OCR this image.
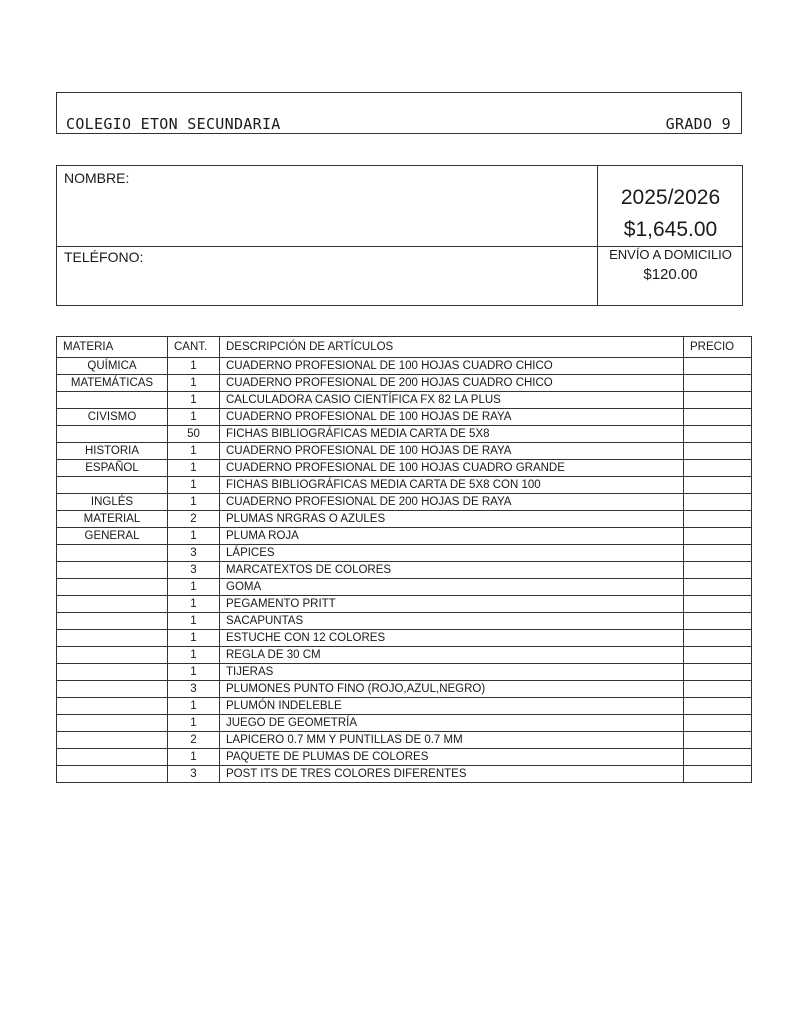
COLEGIO ETON SECUNDARIA	GRADO 9
NOMBRE:
TELÉFONO:
2025/2026
$1,645.00
ENVÍO A DOMICILIO
$120.00
MATERIA	CANT.	DESCRIPCIÓN DE ARTÍCULOS	PRECIO
QUÍMICA	1	CUADERNO PROFESIONAL DE 100 HOJAS CUADRO CHICO	
MATEMÁTICAS	1	CUADERNO PROFESIONAL DE 200 HOJAS CUADRO CHICO	
	1	CALCULADORA CASIO CIENTÍFICA FX 82 LA PLUS	
CIVISMO	1	CUADERNO PROFESIONAL DE 100 HOJAS DE RAYA	
	50	FICHAS BIBLIOGRÁFICAS MEDIA CARTA DE 5X8	
HISTORIA	1	CUADERNO PROFESIONAL DE 100 HOJAS DE RAYA	
ESPAÑOL	1	CUADERNO PROFESIONAL DE 100 HOJAS CUADRO GRANDE	
	1	FICHAS BIBLIOGRÁFICAS MEDIA CARTA DE 5X8 CON 100	
INGLÉS	1	CUADERNO PROFESIONAL DE 200 HOJAS DE RAYA	
MATERIAL	2	PLUMAS NRGRAS O AZULES	
GENERAL	1	PLUMA ROJA	
	3	LÁPICES	
	3	MARCATEXTOS DE COLORES	
	1	GOMA	
	1	PEGAMENTO PRITT	
	1	SACAPUNTAS	
	1	ESTUCHE CON 12 COLORES	
	1	REGLA DE 30 CM	
	1	TIJERAS	
	3	PLUMONES PUNTO FINO (ROJO,AZUL,NEGRO)	
	1	PLUMÓN INDELEBLE	
	1	JUEGO DE GEOMETRÍA	
	2	LAPICERO 0.7 MM Y PUNTILLAS DE 0.7 MM	
	1	PAQUETE DE PLUMAS DE COLORES	
	3	POST ITS DE TRES COLORES DIFERENTES	
